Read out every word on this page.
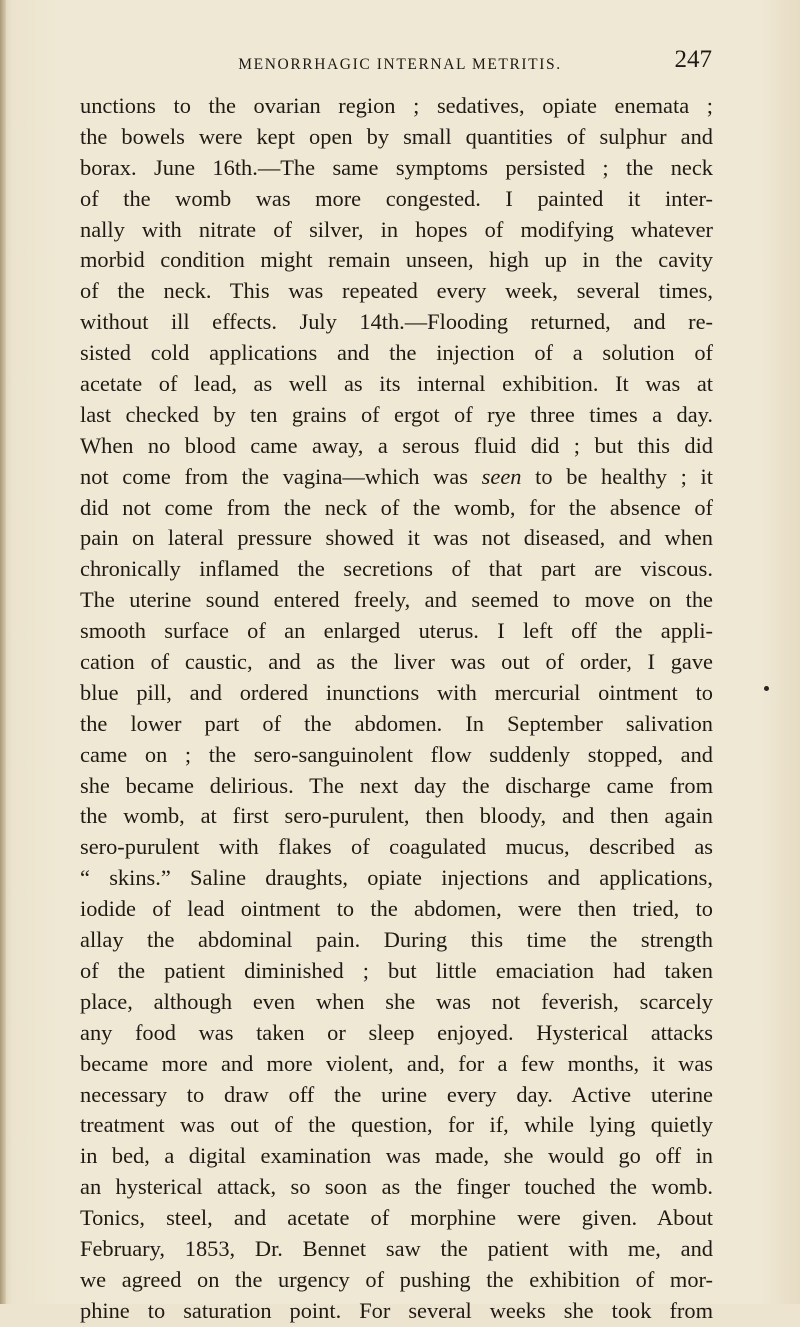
MENORRHAGIC INTERNAL METRITIS.	247
unctions to the ovarian region ; sedatives, opiate enemata ;
the bowels were kept open by small quantities of sulphur and
borax. June 16th.—The same symptoms persisted ; the neck
of the womb was more congested. I painted it inter-
nally with nitrate of silver, in hopes of modifying whatever
morbid condition might remain unseen, high up in the cavity
of the neck. This was repeated every week, several times,
without ill effects. July 14th.—Flooding returned, and re-
sisted cold applications and the injection of a solution of
acetate of lead, as well as its internal exhibition. It was at
last checked by ten grains of ergot of rye three times a day.
When no blood came away, a serous fluid did ; but this did
not come from the vagina—which was seen to be healthy ; it
did not come from the neck of the womb, for the absence of
pain on lateral pressure showed it was not diseased, and when
chronically inflamed the secretions of that part are viscous.
The uterine sound entered freely, and seemed to move on the
smooth surface of an enlarged uterus. I left off the appli-
cation of caustic, and as the liver was out of order, I gave
blue pill, and ordered inunctions with mercurial ointment to
the lower part of the abdomen. In September salivation
came on ; the sero-sanguinolent flow suddenly stopped, and
she became delirious. The next day the discharge came from
the womb, at first sero-purulent, then bloody, and then again
sero-purulent with flakes of coagulated mucus, described as
“ skins.” Saline draughts, opiate injections and applications,
iodide of lead ointment to the abdomen, were then tried, to
allay the abdominal pain. During this time the strength
of the patient diminished ; but little emaciation had taken
place, although even when she was not feverish, scarcely
any food was taken or sleep enjoyed. Hysterical attacks
became more and more violent, and, for a few months, it was
necessary to draw off the urine every day. Active uterine
treatment was out of the question, for if, while lying quietly
in bed, a digital examination was made, she would go off in
an hysterical attack, so soon as the finger touched the womb.
Tonics, steel, and acetate of morphine were given. About
February, 1853, Dr. Bennet saw the patient with me, and
we agreed on the urgency of pushing the exhibition of mor-
phine to saturation point. For several weeks she took from
